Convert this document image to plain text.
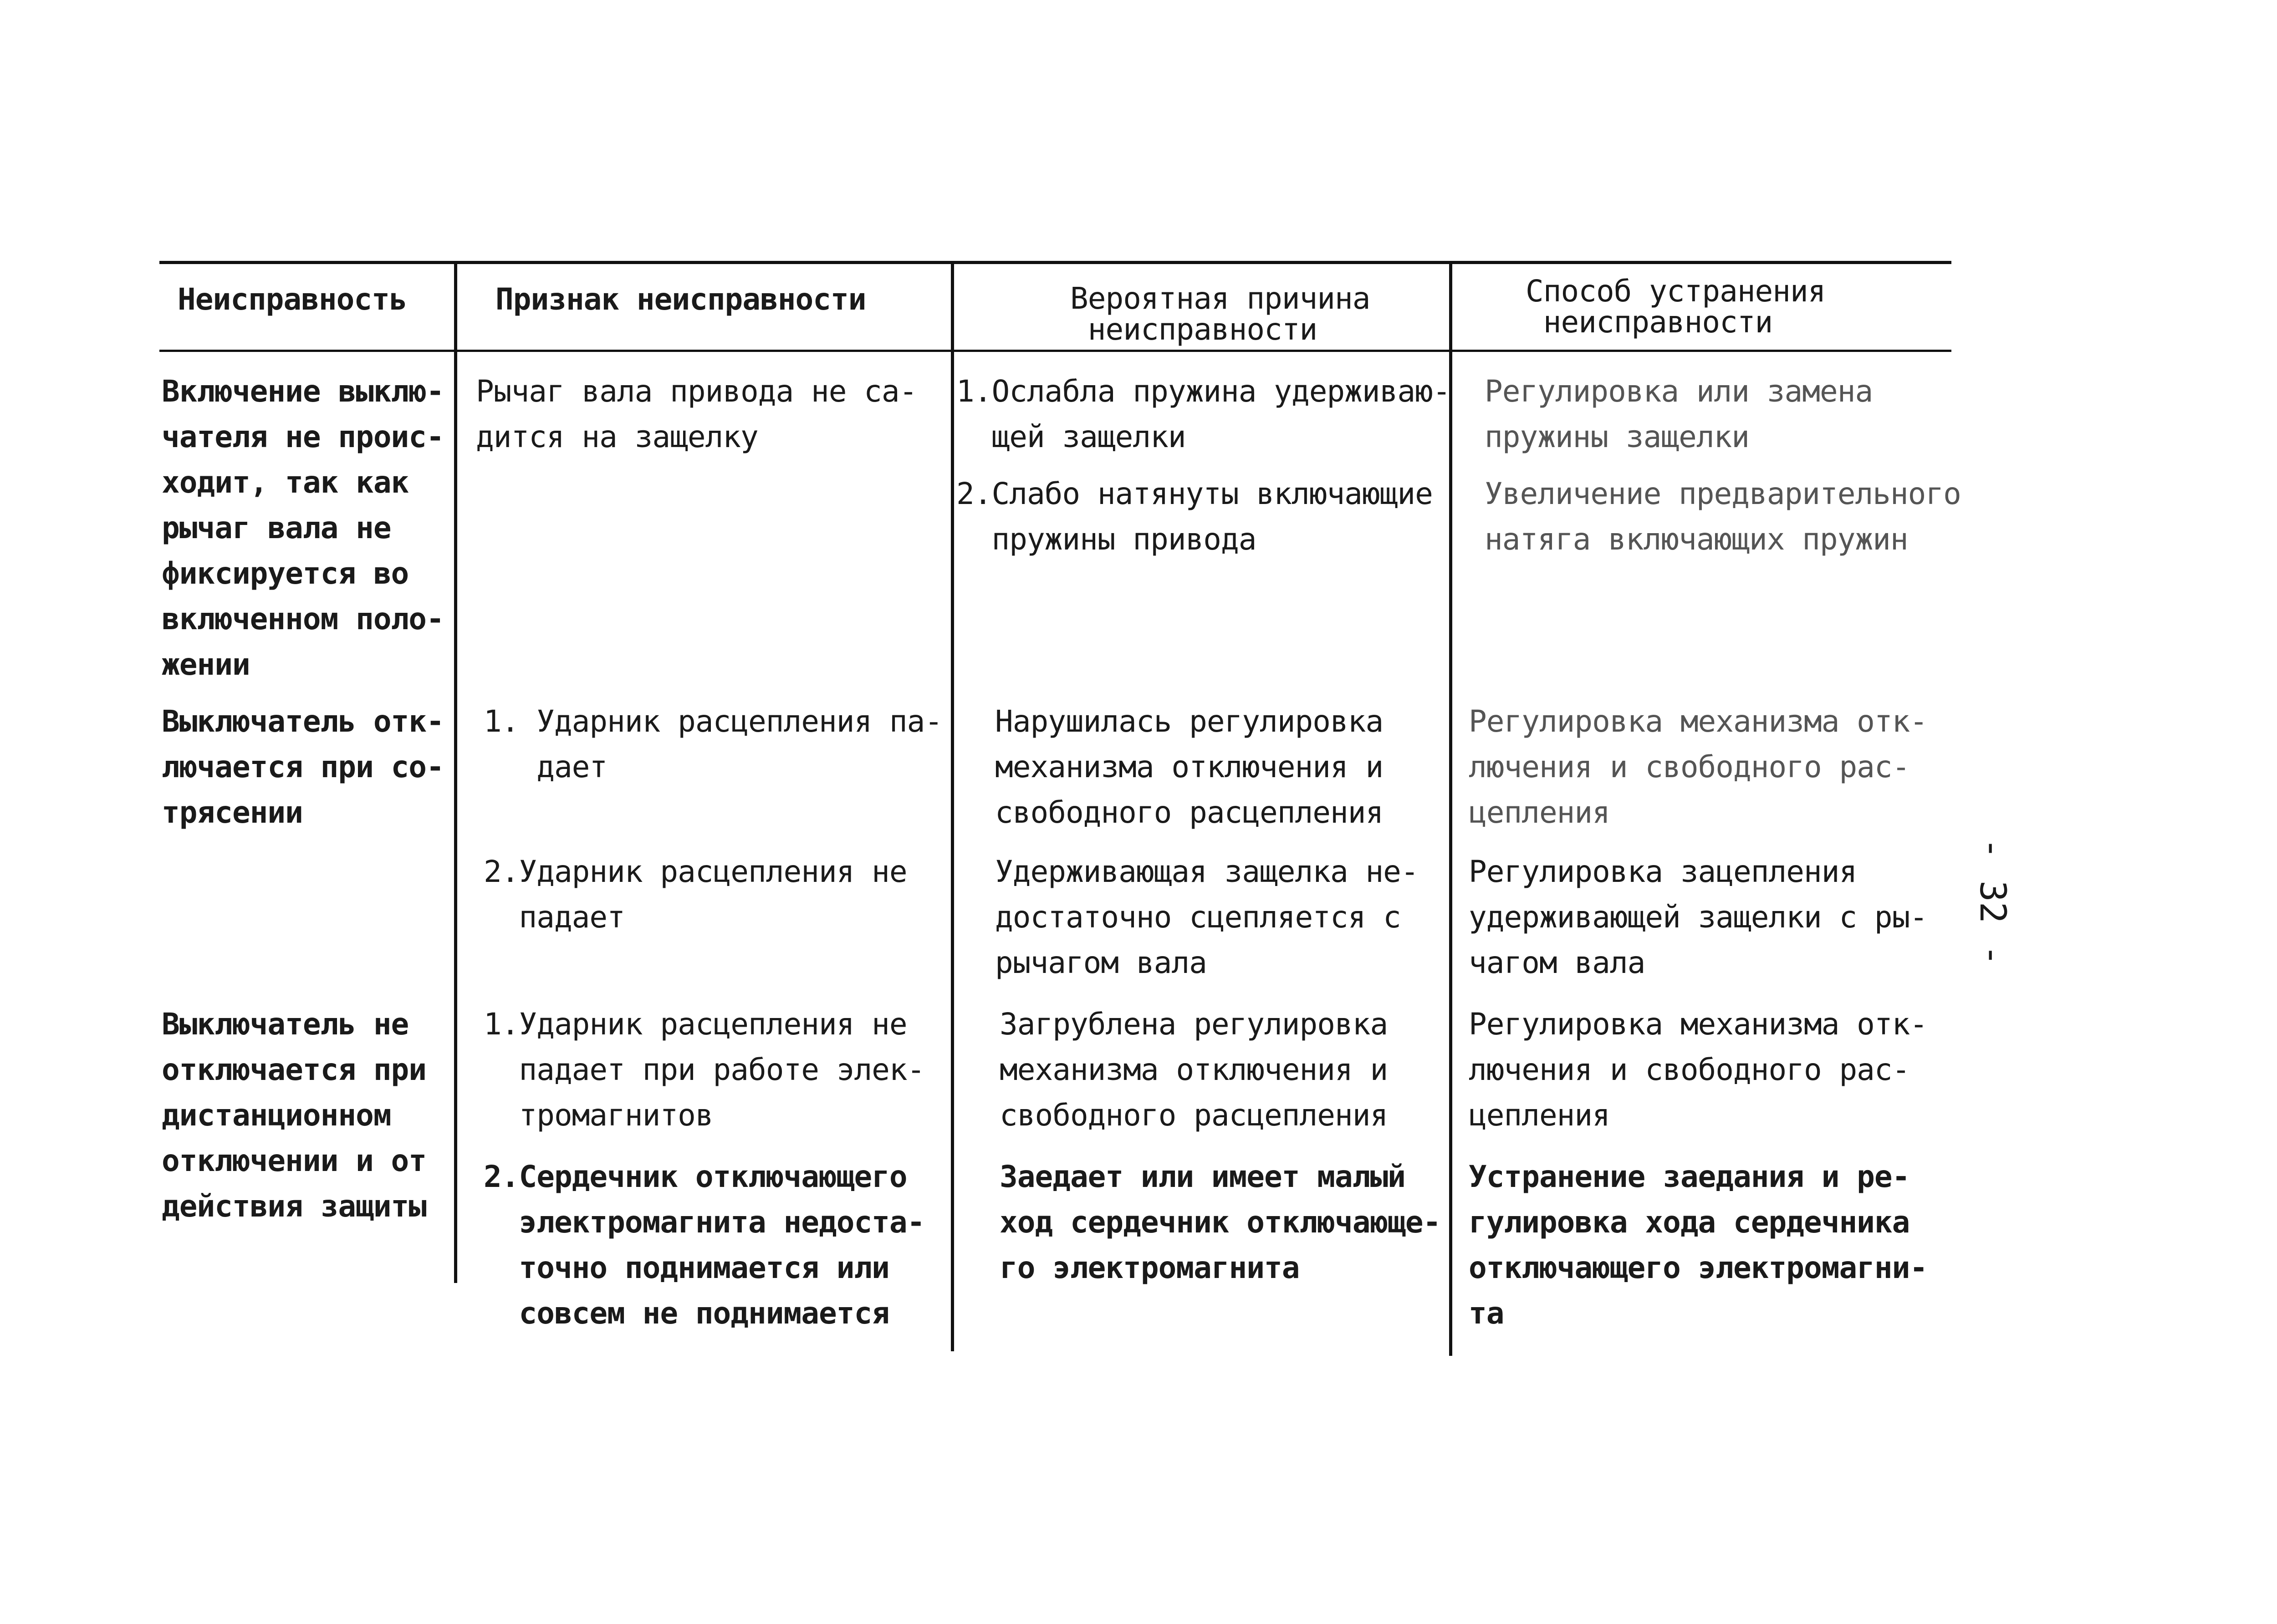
Неисправность	Признак неисправности	Вероятная причина
неисправности
Способ устранения
неисправности
Включение выклю-
чателя не проис-
ходит, так как
рычаг вала не
фиксируется во
включенном поло-
жении
Рычаг вала привода не са-
дится на защелку
1.Ослабла пружина удерживаю-
щей защелки
2.Слабо натянуты включающие
пружины привода
Регулировка или замена
пружины защелки
Увеличение предварительного
натяга включающих пружин
Выключатель отк-
лючается при со-
трясении
1. Ударник расцепления па-
дает
2.Ударник расцепления не
падает
Нарушилась регулировка
механизма отключения и
свободного расцепления
Удерживающая защелка не-
достаточно сцепляется с
рычагом вала
Регулировка механизма отк-
лючения и свободного рас-
цепления
Регулировка зацепления
удерживающей защелки с ры-
чагом вала
Выключатель не
отключается при
дистанционном
отключении и от
действия защиты
1.Ударник расцепления не
падает при работе элек-
тромагнитов
2.Сердечник отключающего
электромагнита недоста-
точно поднимается или
совсем не поднимается
Загрублена регулировка
механизма отключения и
свободного расцепления
Заедает или имеет малый
ход сердечник отключающе-
го электромагнита
Регулировка механизма отк-
лючения и свободного рас-
цепления
Устранение заедания и ре-
гулировка хода сердечника
отключающего электромагни-
та
- 32 -
